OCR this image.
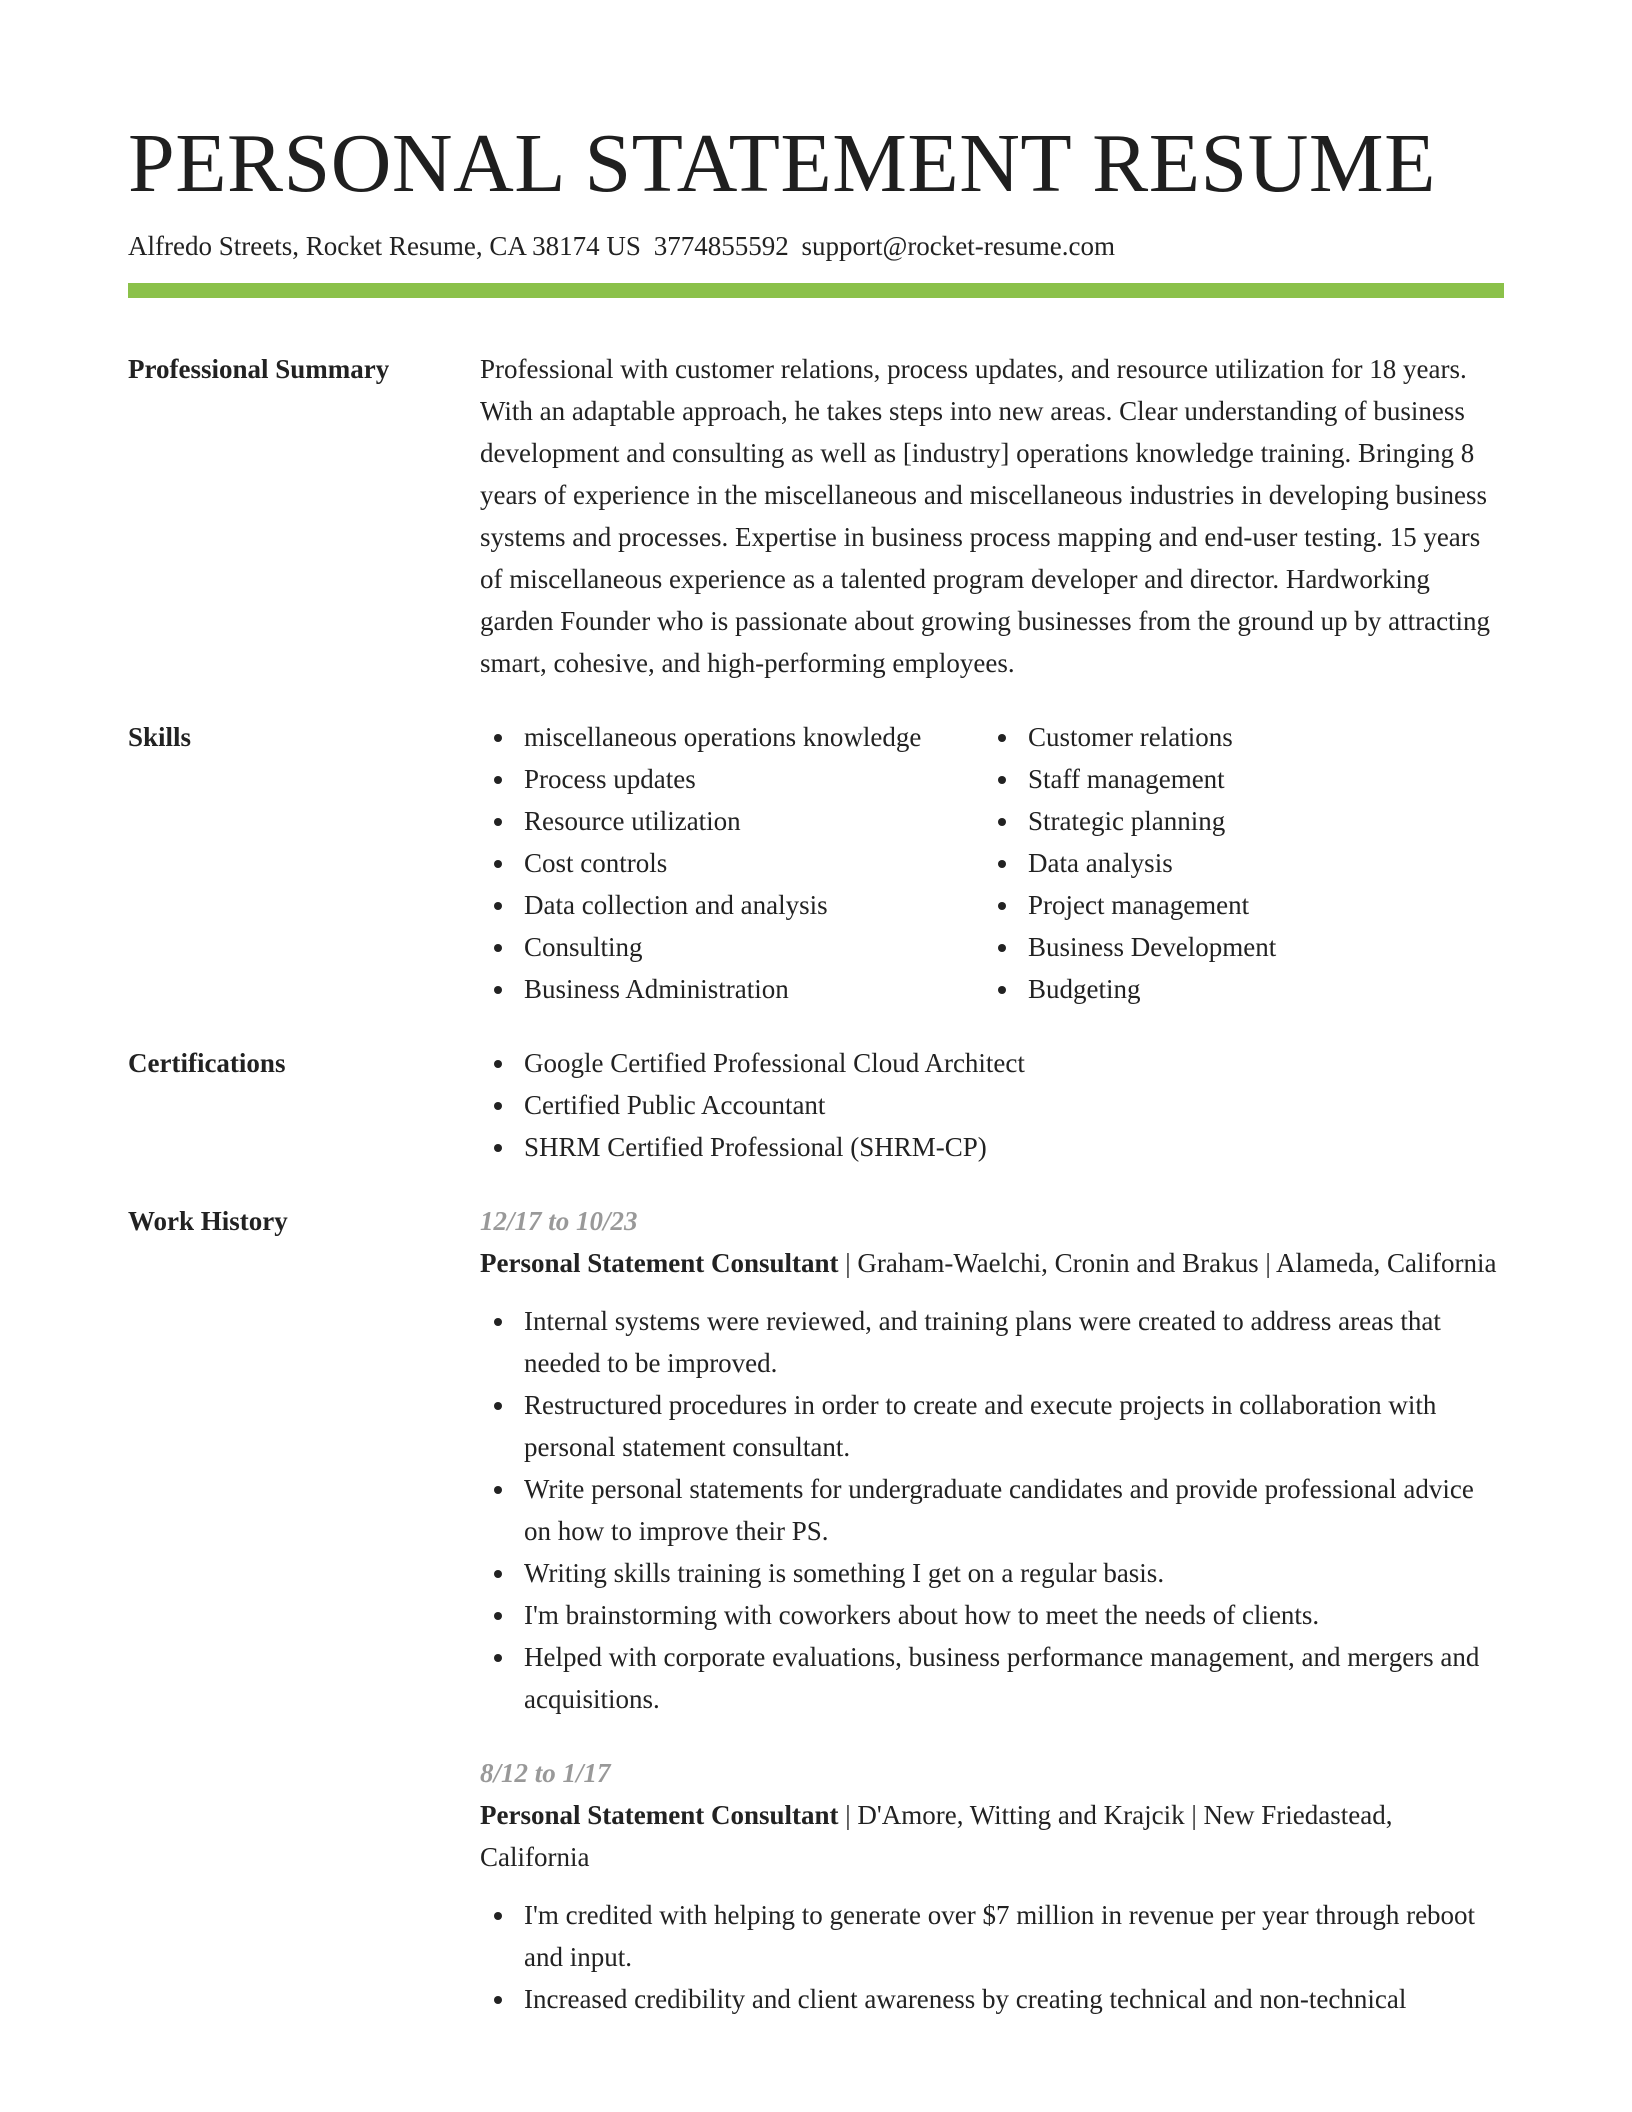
PERSONAL STATEMENT RESUME
Alfredo Streets, Rocket Resume, CA 38174 US 3774855592 support@rocket-resume.com
Professional Summary	Professional with customer relations, process updates, and resource utilization for 18 years. With an adaptable approach, he takes steps into new areas. Clear understanding of business development and consulting as well as [industry] operations knowledge training. Bringing 8 years of experience in the miscellaneous and miscellaneous industries in developing business systems and processes. Expertise in business process mapping and end-user testing. 15 years of miscellaneous experience as a talented program developer and director. Hardworking garden Founder who is passionate about growing businesses from the ground up by attracting smart, cohesive, and high-performing employees.
Skills	miscellaneous operations knowledge
Process updates
Resource utilization
Cost controls
Data collection and analysis
Consulting
Business Administration
Customer relations
Staff management
Strategic planning
Data analysis
Project management
Business Development
Budgeting
Certifications	Google Certified Professional Cloud Architect
Certified Public Accountant
SHRM Certified Professional (SHRM-CP)
Work History	12/17 to 10/23
Personal Statement Consultant | Graham-Waelchi, Cronin and Brakus | Alameda, California
Internal systems were reviewed, and training plans were created to address areas that needed to be improved.
Restructured procedures in order to create and execute projects in collaboration with personal statement consultant.
Write personal statements for undergraduate candidates and provide professional advice on how to improve their PS.
Writing skills training is something I get on a regular basis.
I'm brainstorming with coworkers about how to meet the needs of clients.
Helped with corporate evaluations, business performance management, and mergers and acquisitions.
8/12 to 1/17
Personal Statement Consultant | D'Amore, Witting and Krajcik | New Friedastead, California
I'm credited with helping to generate over $7 million in revenue per year through reboot and input.
Increased credibility and client awareness by creating technical and non-technical
